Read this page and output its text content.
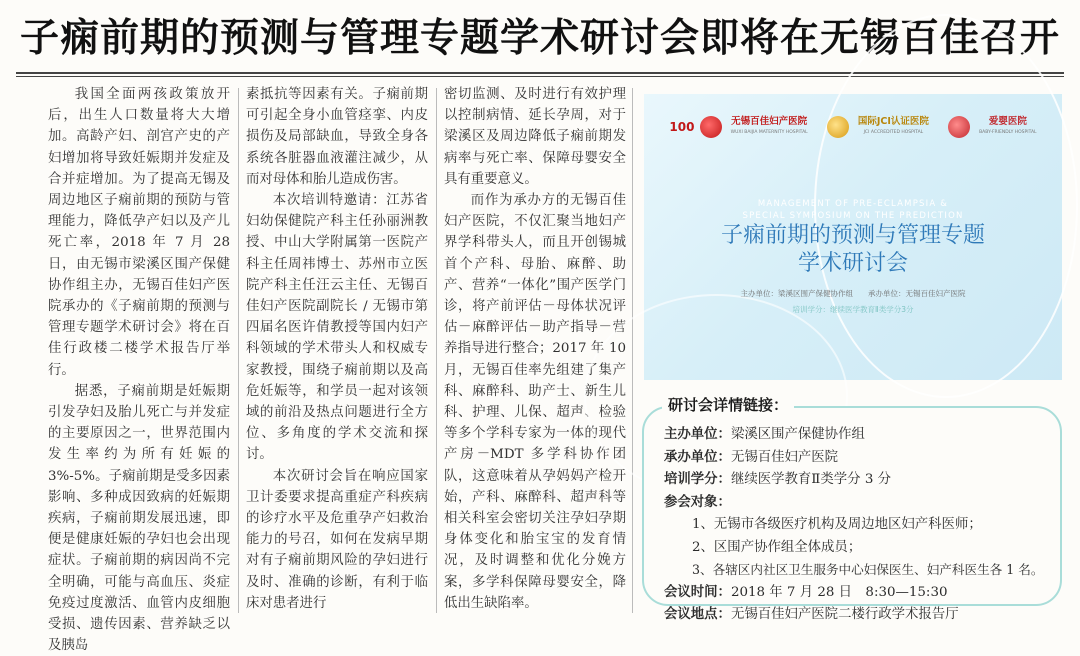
子痫前期的预测与管理专题学术研讨会即将在无锡百佳召开

我国全面两孩政策放开后，出生人口数量将大大增加。高龄产妇、剖宫产史的产妇增加将导致妊娠期并发症及合并症增加。为了提高无锡及周边地区子痫前期的预防与管理能力，降低孕产妇以及产儿死亡率，2018 年 7 月 28 日，由无锡市梁溪区围产保健协作组主办，无锡百佳妇产医院承办的《子痫前期的预测与管理专题学术研讨会》将在百佳行政楼二楼学术报告厅举行。

据悉，子痫前期是妊娠期引发孕妇及胎儿死亡与并发症的主要原因之一，世界范围内发生率约为所有妊娠的 3%-5%。子痫前期是受多因素影响、多种成因致病的妊娠期疾病，子痫前期发展迅速，即便是健康妊娠的孕妇也会出现症状。子痫前期的病因尚不完全明确，可能与高血压、炎症免疫过度激活、血管内皮细胞受损、遗传因素、营养缺乏以及胰岛

素抵抗等因素有关。子痫前期可引起全身小血管痉挛、内皮损伤及局部缺血，导致全身各系统各脏器血液灌注减少，从而对母体和胎儿造成伤害。

本次培训特邀请：江苏省妇幼保健院产科主任孙丽洲教授、中山大学附属第一医院产科主任周祎博士、苏州市立医院产科主任汪云主任、无锡百佳妇产医院副院长 / 无锡市第四届名医许倩教授等国内妇产科领域的学术带头人和权威专家教授，围绕子痫前期以及高危妊娠等，和学员一起对该领域的前沿及热点问题进行全方位、多角度的学术交流和探讨。

本次研讨会旨在响应国家卫计委要求提高重症产科疾病的诊疗水平及危重孕产妇救治能力的号召，如何在发病早期对有子痫前期风险的孕妇进行及时、准确的诊断，有利于临床对患者进行

密切监测、及时进行有效护理以控制病情、延长孕周，对于梁溪区及周边降低子痫前期发病率与死亡率、保障母婴安全具有重要意义。

而作为承办方的无锡百佳妇产医院，不仅汇聚当地妇产界学科带头人，而且开创锡城首个产科、母胎、麻醉、助产、营养“一体化”围产医学门诊，将产前评估－母体状况评估－麻醉评估－助产指导－营养指导进行整合；2017 年 10 月，无锡百佳率先组建了集产科、麻醉科、助产士、新生儿科、护理、儿保、超声、检验等多个学科专家为一体的现代产房－MDT 多学科协作团队，这意味着从孕妈妈产检开始，产科、麻醉科、超声科等相关科室会密切关注孕妇孕期身体变化和胎宝宝的发育情况，及时调整和优化分娩方案，多学科保障母婴安全，降低出生缺陷率。

100	无锡百佳妇产医院
WUXI BAIJIA MATERNITY HOSPITAL
国际JCI认证医院
JCI ACCREDITED HOSPITAL
爱婴医院
BABY-FRIENDLY HOSPITAL
MANAGEMENT OF PRE-ECLAMPSIA &
SPECIAL SYMPOSIUM ON THE PREDICTION
子痫前期的预测与管理专题
学术研讨会
主办单位：梁溪区围产保健协作组　　承办单位：无锡百佳妇产医院
培训学分：继续医学教育Ⅱ类学分3分
研讨会详情链接：
主办单位：梁溪区围产保健协作组
承办单位：无锡百佳妇产医院
培训学分：继续医学教育Ⅱ类学分 3 分
参会对象：
1、无锡市各级医疗机构及周边地区妇产科医师；
2、区围产协作组全体成员；
3、各辖区内社区卫生服务中心妇保医生、妇产科医生各 1 名。
会议时间：2018 年 7 月 28 日　8:30—15:30
会议地点：无锡百佳妇产医院二楼行政学术报告厅
